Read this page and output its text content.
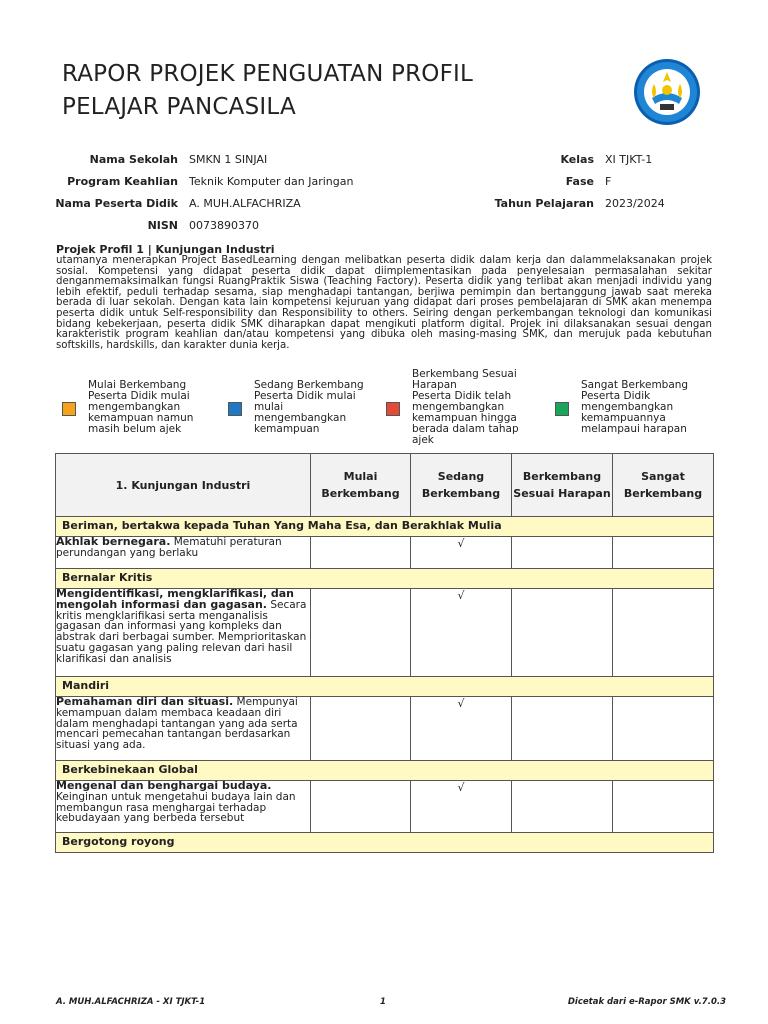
RAPOR PROJEK PENGUATAN PROFIL
PELAJAR PANCASILA
Nama Sekolah SMKN 1 SINJAI
Program Keahlian Teknik Komputer dan Jaringan
Nama Peserta Didik A. MUH.ALFACHRIZA
NISN 0073890370
Kelas XI TJKT-1
Fase F
Tahun Pelajaran 2023/2024
Projek Profil 1 | Kunjungan Industri
utamanya menerapkan Project BasedLearning dengan melibatkan peserta didik dalam kerja dan dalammelaksanakan projek sosial. Kompetensi yang didapat peserta didik dapat diimplementasikan pada penyelesaian permasalahan sekitar denganmemaksimalkan fungsi RuangPraktik Siswa (Teaching Factory). Peserta didik yang terlibat akan menjadi individu yang lebih efektif, peduli terhadap sesama, siap menghadapi tantangan, berjiwa pemimpin dan bertanggung jawab saat mereka berada di luar sekolah. Dengan kata lain kompetensi kejuruan yang didapat dari proses pembelajaran di SMK akan menempa peserta didik untuk Self-responsibility dan Responsibility to others. Seiring dengan perkembangan teknologi dan komunikasi bidang kebekerjaan, peserta didik SMK diharapkan dapat mengikuti platform digital. Projek ini dilaksanakan sesuai dengan karakteristik program keahlian dan/atau kompetensi yang dibuka oleh masing-masing SMK, dan merujuk pada kebutuhan softskills, hardskills, dan karakter dunia kerja.
Mulai Berkembang
Peserta Didik mulai mengembangkan kemampuan namun masih belum ajek
Sedang Berkembang
Peserta Didik mulai mulai mengembangkan kemampuan
Berkembang Sesuai Harapan
Peserta Didik telah mengembangkan kemampuan hingga berada dalam tahap ajek
Sangat Berkembang
Peserta Didik mengembangkan kemampuannya melampaui harapan
1. Kunjungan Industri	Mulai Berkembang	Sedang Berkembang	Berkembang Sesuai Harapan	Sangat Berkembang
Beriman, bertakwa kepada Tuhan Yang Maha Esa, dan Berakhlak Mulia				
Akhlak bernegara. Mematuhi peraturan perundangan yang berlaku		√		
Bernalar Kritis				
Mengidentifikasi, mengklarifikasi, dan mengolah informasi dan gagasan. Secara kritis mengklarifikasi serta menganalisis gagasan dan informasi yang kompleks dan abstrak dari berbagai sumber. Memprioritaskan suatu gagasan yang paling relevan dari hasil klarifikasi dan analisis		√		
Mandiri				
Pemahaman diri dan situasi. Mempunyai kemampuan dalam membaca keadaan diri dalam menghadapi tantangan yang ada serta mencari pemecahan tantangan berdasarkan situasi yang ada.		√		
Berkebinekaan Global				
Mengenal dan benghargai budaya.
Keinginan untuk mengetahui budaya lain dan membangun rasa menghargai terhadap kebudayaan yang berbeda tersebut		√		
Bergotong royong				
A. MUH.ALFACHRIZA - XI TJKT-1	1	Dicetak dari e-Rapor SMK v.7.0.3
